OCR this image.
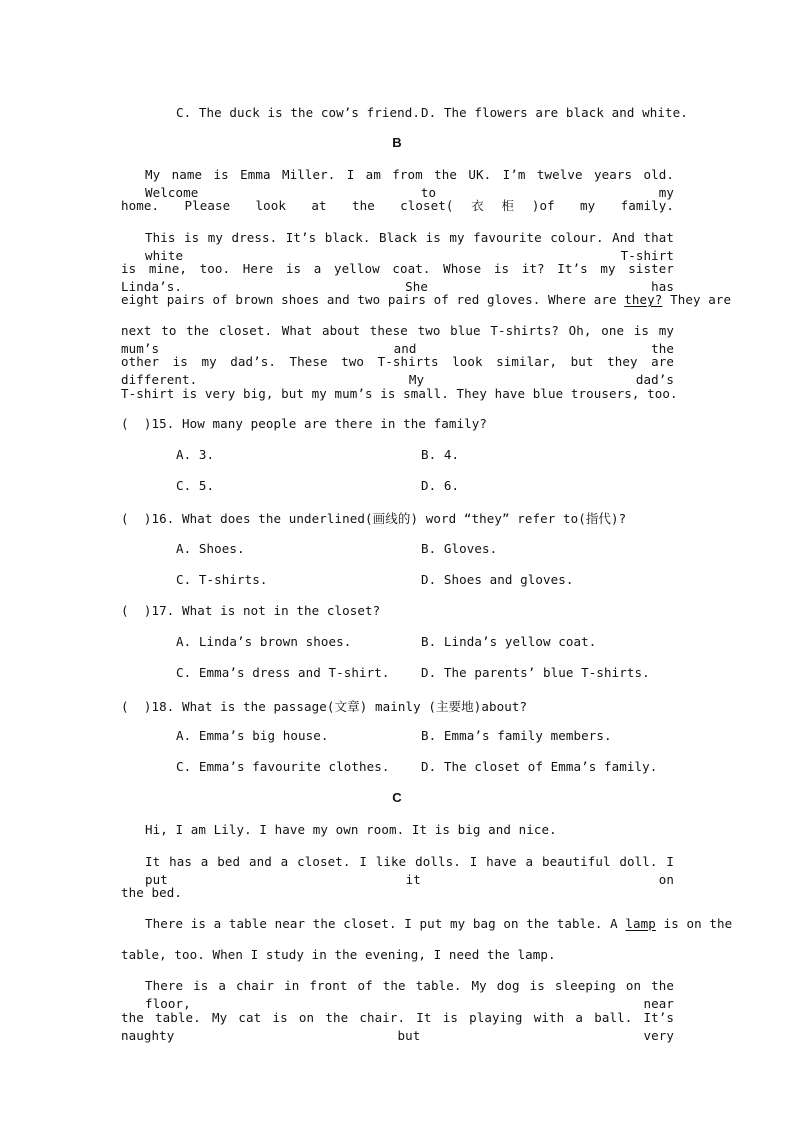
C. The duck is the cow’s friend. D. The flowers are black and white.
B
My name is Emma Miller. I am from the UK. I’m twelve years old. Welcome to my
home. Please look at the closet(衣柜)of my family.
This is my dress. It’s black. Black is my favourite colour. And that white T-shirt
is mine, too. Here is a yellow coat. Whose is it? It’s my sister Linda’s. She has
eight pairs of brown shoes and two pairs of red gloves. Where are they? They are
next to the closet. What about these two blue T-shirts? Oh, one is my mum’s and the
other is my dad’s. These two T-shirts look similar, but they are different. My dad’s
T-shirt is very big, but my mum’s is small. They have blue trousers, too.
(  )15. How many people are there in the family?
A. 3.	B. 4.
C. 5.	D. 6.
(  )16. What does the underlined(画线的) word “they” refer to(指代)?
A. Shoes.	B. Gloves.
C. T-shirts.	D. Shoes and gloves.
(  )17. What is not in the closet?
A. Linda’s brown shoes.	B. Linda’s yellow coat.
C. Emma’s dress and T-shirt.	D. The parents’ blue T-shirts.
(  )18. What is the passage(文章) mainly (主要地)about?
A. Emma’s big house.	B. Emma’s family members.
C. Emma’s favourite clothes.	D. The closet of Emma’s family.
C
Hi, I am Lily. I have my own room. It is big and nice.
It has a bed and a closet. I like dolls. I have a beautiful doll. I put it on
the bed.
There is a table near the closet. I put my bag on the table. A lamp is on the
table, too. When I study in the evening, I need the lamp.
There is a chair in front of the table. My dog is sleeping on the floor, near
the table. My cat is on the chair. It is playing with a ball. It’s naughty but very
